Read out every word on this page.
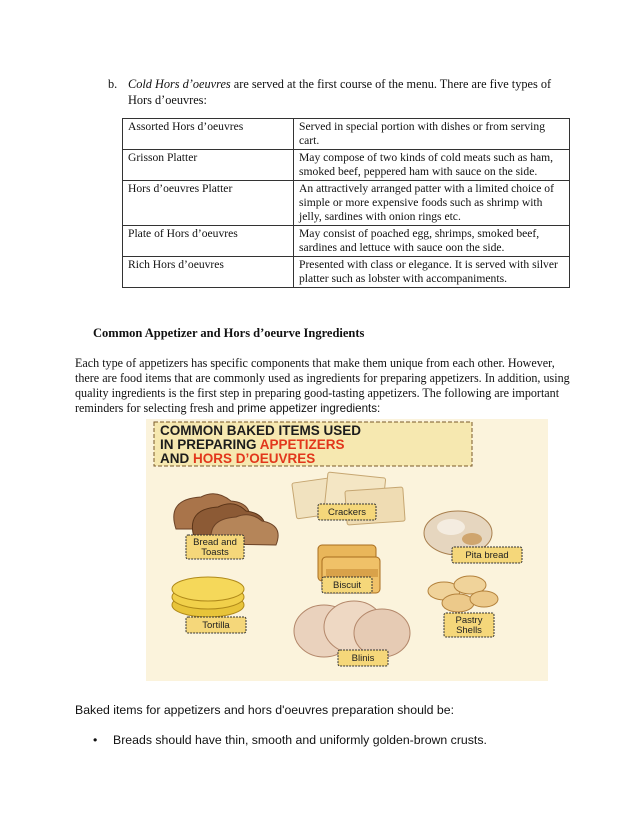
b. Cold Hors d’oeuvres are served at the first course of the menu. There are five types of
Hors d’oeuvres:
Assorted Hors d’oeuvres	Served in special portion with dishes or from serving cart.
Grisson Platter	May compose of two kinds of cold meats such as ham, smoked beef, peppered ham with sauce on the side.
Hors d’oeuvres Platter	An attractively arranged patter with a limited choice of simple or more expensive foods such as shrimp with jelly, sardines with onion rings etc.
Plate of Hors d’oeuvres	May consist of poached egg, shrimps, smoked beef, sardines and lettuce with sauce oon the side.
Rich Hors d’oeuvres	Presented with class or elegance. It is served with silver platter such as lobster with accompaniments.
Common Appetizer and Hors d’oeurve Ingredients
Each type of appetizers has specific components that make them unique from each other. However, there are food items that are commonly used as ingredients for preparing appetizers. In addition, using quality ingredients is the first step in preparing good-tasting appetizers. The following are important reminders for selecting fresh and prime appetizer ingredients:
COMMON BAKED ITEMS USED
IN PREPARING APPETIZERS
AND HORS D’OEUVRES
Crackers
Bread and
Toasts	Pita bread
Biscuit
Tortilla	Pastry
Shells
Blinis
Baked items for appetizers and hors d'oeuvres preparation should be:
• Breads should have thin, smooth and uniformly golden-brown crusts.
